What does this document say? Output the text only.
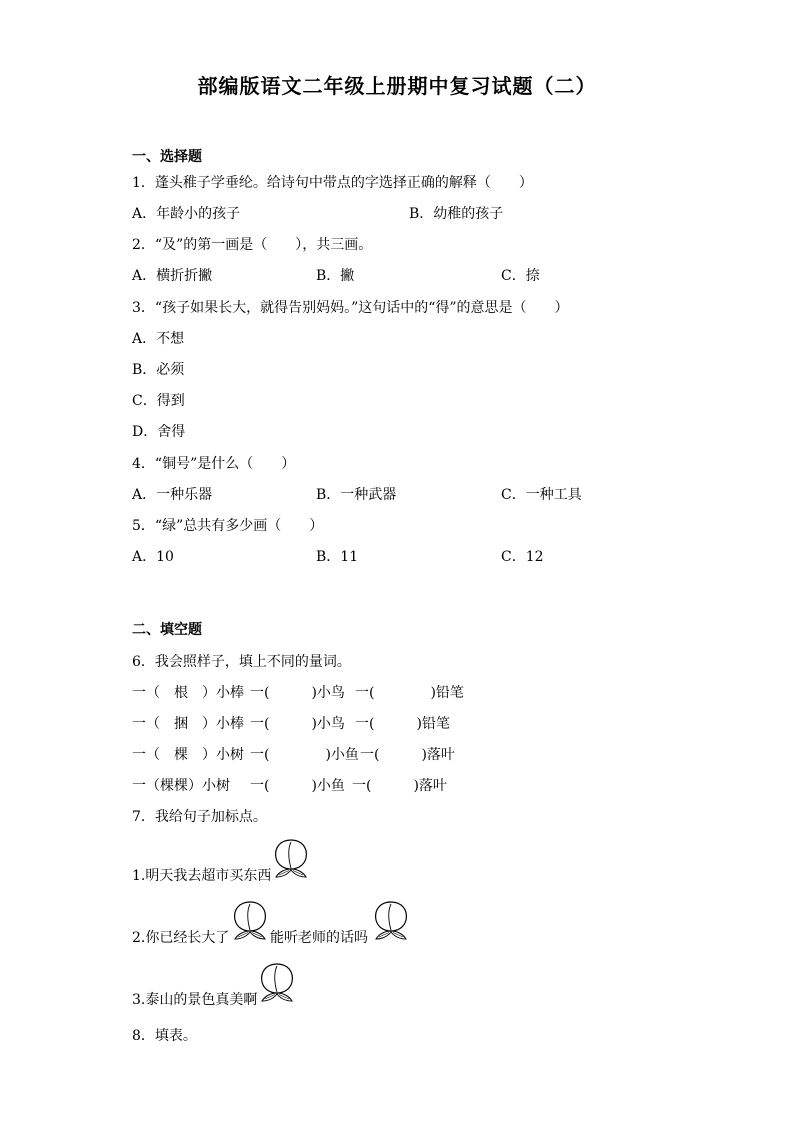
部编版语文二年级上册期中复习试题（二）
一、选择题
1．蓬头稚子学垂纶。给诗句中带点的字选择正确的解释（　　）
A．年龄小的孩子	B．幼稚的孩子
2．“及”的第一画是（　　），共三画。
A．横折折撇	B．撇	C．捺
3．“孩子如果长大，就得告别妈妈。”这句话中的“得”的意思是（　　）
A．不想
B．必须
C．得到
D．舍得
4．“铜号”是什么（　　）
A．一种乐器	B．一种武器	C．一种工具
5．“绿”总共有多少画（　　）
A．10	B．11	C．12
二、填空题
6．我会照样子，填上不同的量词。
一（　根　）小棒 一(　　　)小鸟 一(　　　　)铅笔
一（　捆　）小棒 一(　　　)小鸟 一(　　　)铅笔
一（　棵　）小树 一(　　　　)小鱼 一(　　　)落叶
一（棵棵）小树 一(　　　)小鱼 一(　　　)落叶
7．我给句子加标点。
1.明天我去超市买东西
2.你已经长大了	能听老师的话吗
3.泰山的景色真美啊
8．填表。
